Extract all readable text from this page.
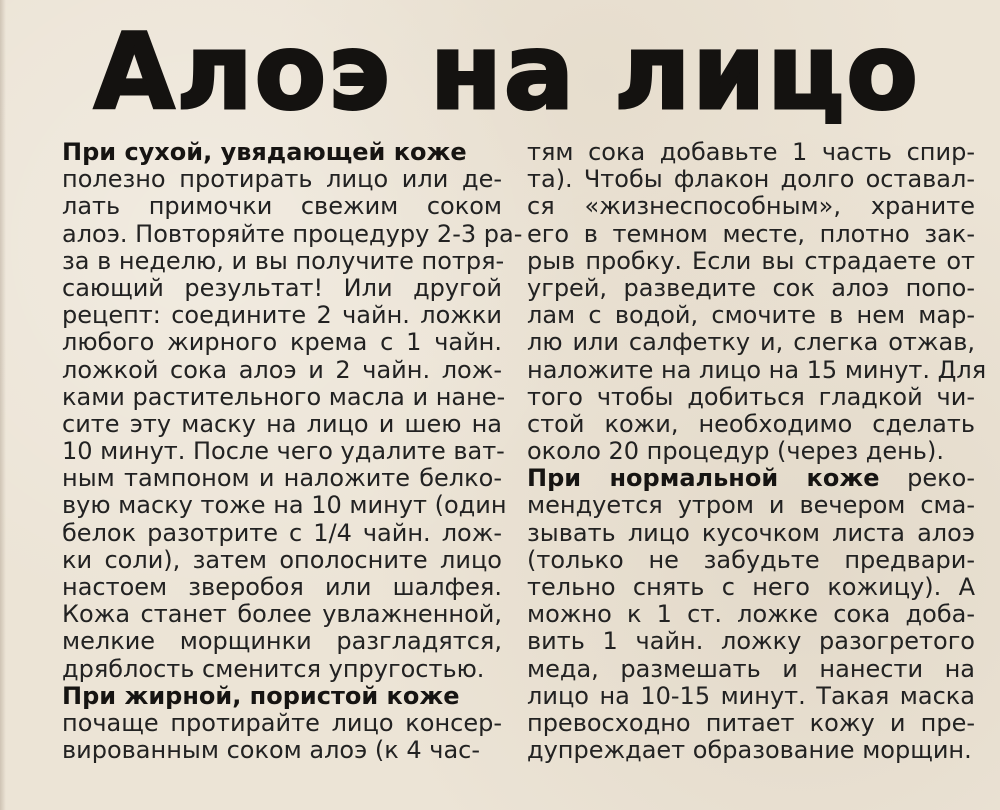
Алоэ на лицо
При сухой, увядающей коже
полезно протирать лицо или де-
лать примочки свежим соком
алоэ. Повторяйте процедуру 2-3 ра-
за в неделю, и вы получите потря-
сающий результат! Или другой
рецепт: соедините 2 чайн. ложки
любого жирного крема с 1 чайн.
ложкой сока алоэ и 2 чайн. лож-
ками растительного масла и нане-
сите эту маску на лицо и шею на
10 минут. После чего удалите ват-
ным тампоном и наложите белко-
вую маску тоже на 10 минут (один
белок разотрите с 1/4 чайн. лож-
ки соли), затем ополосните лицо
настоем зверобоя или шалфея.
Кожа станет более увлажненной,
мелкие морщинки разгладятся,
дряблость сменится упругостью.
При жирной, пористой коже
почаще протирайте лицо консер-
вированным соком алоэ (к 4 час-
тям сока добавьте 1 часть спир-
та). Чтобы флакон долго оставал-
ся «жизнеспособным», храните
его в темном месте, плотно зак-
рыв пробку. Если вы страдаете от
угрей, разведите сок алоэ попо-
лам с водой, смочите в нем мар-
лю или салфетку и, слегка отжав,
наложите на лицо на 15 минут. Для
того чтобы добиться гладкой чи-
стой кожи, необходимо сделать
около 20 процедур (через день).
При нормальной коже реко-
мендуется утром и вечером сма-
зывать лицо кусочком листа алоэ
(только не забудьте предвари-
тельно снять с него кожицу). А
можно к 1 ст. ложке сока доба-
вить 1 чайн. ложку разогретого
меда, размешать и нанести на
лицо на 10-15 минут. Такая маска
превосходно питает кожу и пре-
дупреждает образование морщин.
